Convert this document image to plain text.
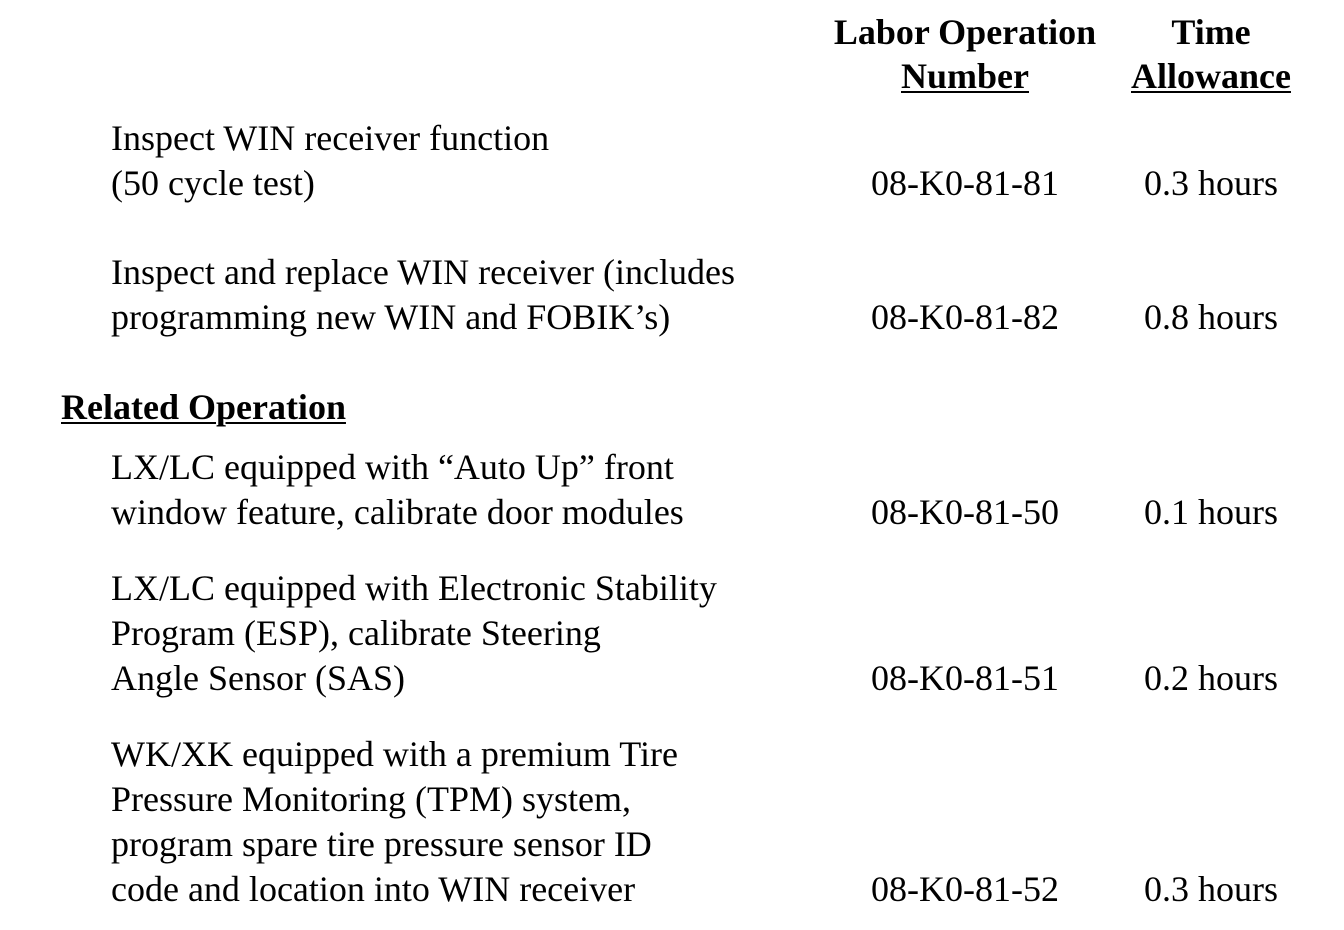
Labor Operation
Number
Time
Allowance
Inspect WIN receiver function
(50 cycle test)	08-K0-81-81	0.3 hours
Inspect and replace WIN receiver (includes
programming new WIN and FOBIK’s)	08-K0-81-82	0.8 hours
Related Operation
LX/LC equipped with “Auto Up” front
window feature, calibrate door modules	08-K0-81-50	0.1 hours
LX/LC equipped with Electronic Stability
Program (ESP), calibrate Steering
Angle Sensor (SAS)	08-K0-81-51	0.2 hours
WK/XK equipped with a premium Tire
Pressure Monitoring (TPM) system,
program spare tire pressure sensor ID
code and location into WIN receiver	08-K0-81-52	0.3 hours
